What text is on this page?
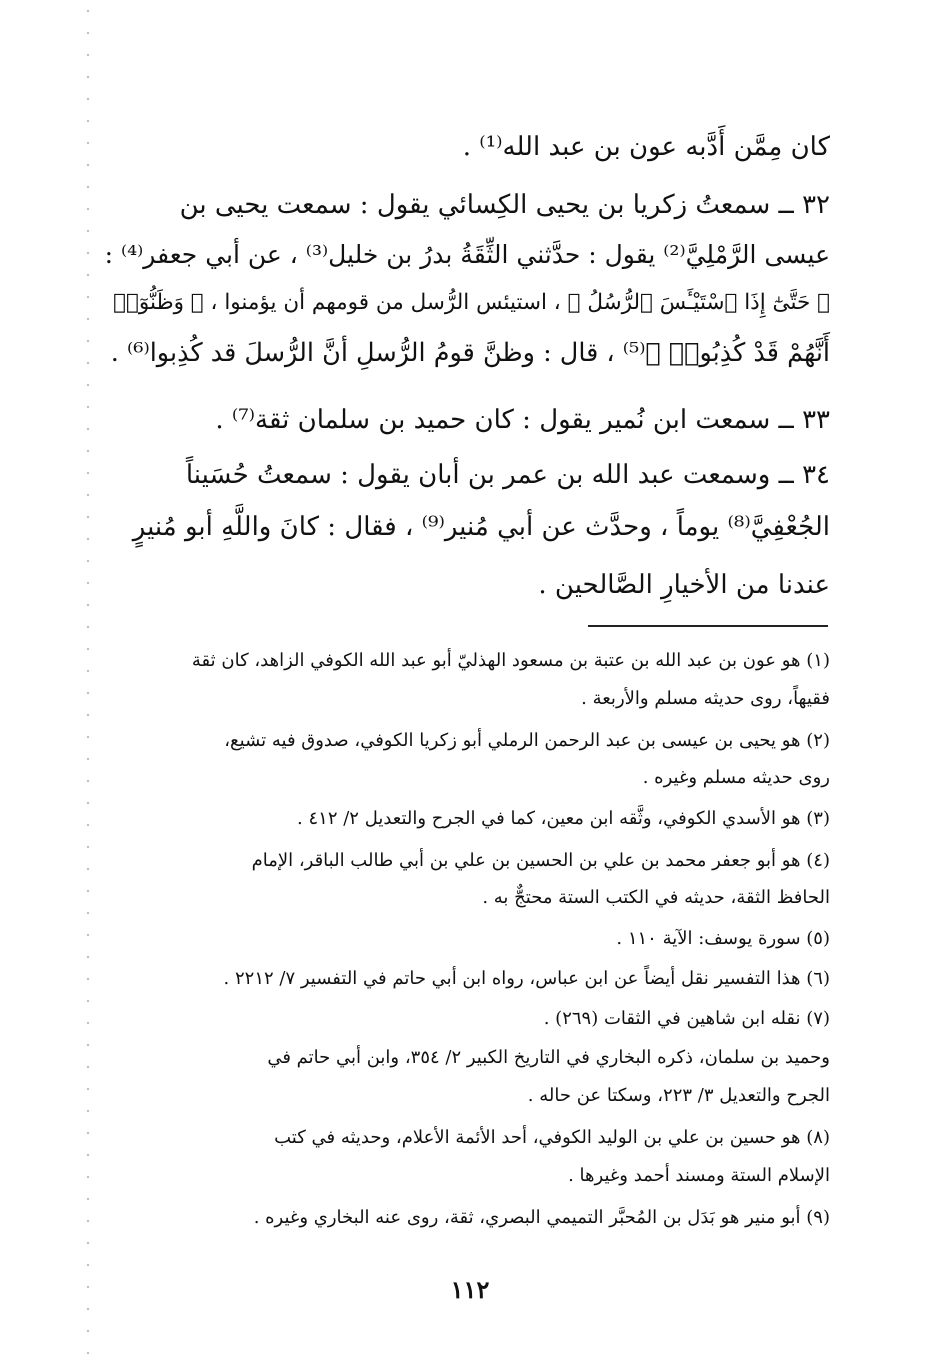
كان مِمَّن أَدَّبه عون بن عبد الله⁽¹⁾ .
٣٢ ــ سمعتُ زكريا بن يحيى الكِسائي يقول : سمعت يحيى بن
عيسى الرَّمْلِيَّ⁽²⁾ يقول : حدَّثني الثِّقَةُ بدرُ بن خليل⁽³⁾ ، عن أبي جعفر⁽⁴⁾ :
﴿ حَتَّىٰٓ إِذَا ٱسْتَيْـَٔسَ ٱلرُّسُلُ ﴾ ، استيئس الرُّسل من قومهم أن يؤمنوا ، ﴿ وَظَنُّوٓا۟
أَنَّهُمْ قَدْ كُذِبُوا۟ ﴾⁽⁵⁾ ، قال : وظنَّ قومُ الرُّسلِ أنَّ الرُّسلَ قد كُذِبوا⁽⁶⁾ .
٣٣ ــ سمعت ابن نُمير يقول : كان حميد بن سلمان ثقة⁽⁷⁾ .
٣٤ ــ وسمعت عبد الله بن عمر بن أبان يقول : سمعتُ حُسَيناً
الجُعْفِيَّ⁽⁸⁾ يوماً ، وحدَّث عن أبي مُنير⁽⁹⁾ ، فقال : كانَ واللَّهِ أبو مُنيرٍ
عندنا من الأخيارِ الصَّالحين .
(١) هو عون بن عبد الله بن عتبة بن مسعود الهذليّ أبو عبد الله الكوفي الزاهد، كان ثقة
فقيهاً، روى حديثه مسلم والأربعة .
(٢) هو يحيى بن عيسى بن عبد الرحمن الرملي أبو زكريا الكوفي، صدوق فيه تشيع،
روى حديثه مسلم وغيره .
(٣) هو الأسدي الكوفي، وثَّقه ابن معين، كما في الجرح والتعديل ٢/ ٤١٢ .
(٤) هو أبو جعفر محمد بن علي بن الحسين بن علي بن أبي طالب الباقر، الإمام
الحافظ الثقة، حديثه في الكتب الستة محتجٌّ به .
(٥) سورة يوسف: الآية ١١٠ .
(٦) هذا التفسير نقل أيضاً عن ابن عباس، رواه ابن أبي حاتم في التفسير ٧/ ٢٢١٢ .
(٧) نقله ابن شاهين في الثقات (٢٦٩) .
وحميد بن سلمان، ذكره البخاري في التاريخ الكبير ٢/ ٣٥٤، وابن أبي حاتم في
الجرح والتعديل ٣/ ٢٢٣، وسكتا عن حاله .
(٨) هو حسين بن علي بن الوليد الكوفي، أحد الأئمة الأعلام، وحديثه في كتب
الإسلام الستة ومسند أحمد وغيرها .
(٩) أبو منير هو بَدَل بن المُحبَّر التميمي البصري، ثقة، روى عنه البخاري وغيره .
١١٢
